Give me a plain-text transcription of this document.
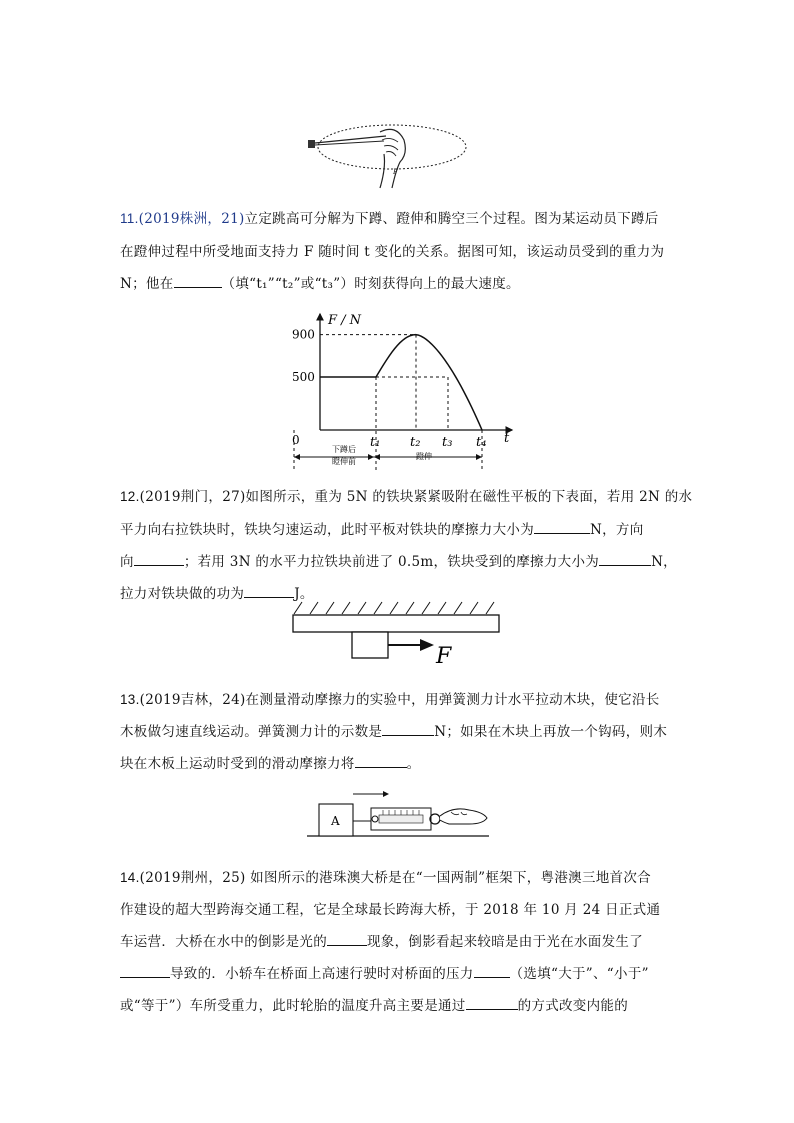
F
11.(2019株洲，21)立定跳高可分解为下蹲、蹬伸和腾空三个过程。图为某运动员下蹲后
在蹬伸过程中所受地面支持力 F 随时间 t 变化的关系。据图可知，该运动员受到的重力为
N；他在	（填“t₁”“t₂”或“t₃”）时刻获得向上的最大速度。
F / N
t
900
500
0	t₁ t₂ t₃ t₄
下蹲后
瞪伸前
蹬伸
12.(2019荆门，27)如图所示，重为 5N 的铁块紧紧吸附在磁性平板的下表面，若用 2N 的水
平力向右拉铁块时，铁块匀速运动，此时平板对铁块的摩擦力大小为	N，方向
向	；若用 3N 的水平力拉铁块前进了 0.5m，铁块受到的摩擦力大小为	N，
拉力对铁块做的功为	J。
F
13.(2019吉林，24)在测量滑动摩擦力的实验中，用弹簧测力计水平拉动木块，使它沿长
木板做匀速直线运动。弹簧测力计的示数是	N；如果在木块上再放一个钩码，则木
块在木板上运动时受到的滑动摩擦力将	。
A
14.(2019荆州，25) 如图所示的港珠澳大桥是在“一国两制”框架下，粤港澳三地首次合
作建设的超大型跨海交通工程，它是全球最长跨海大桥，于 2018 年 10 月 24 日正式通
车运营．大桥在水中的倒影是光的	现象，倒影看起来较暗是由于光在水面发生了
导致的．小轿车在桥面上高速行驶时对桥面的压力	（选填“大于”、“小于”
或“等于”）车所受重力，此时轮胎的温度升高主要是通过	的方式改变内能的
